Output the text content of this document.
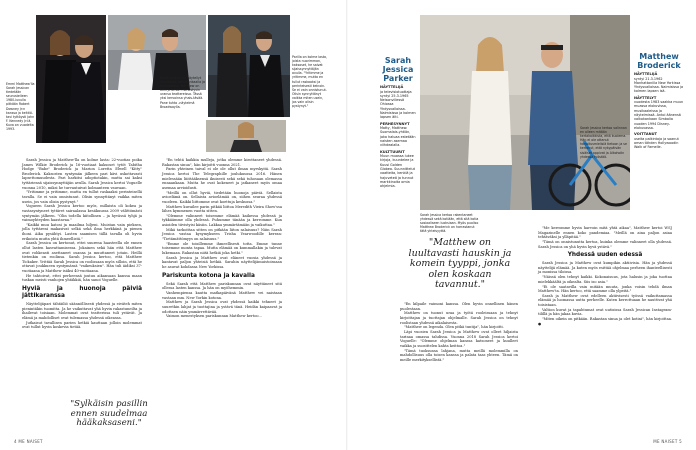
Emmi Matthew'lla Sarah Jessican tiedetään seurustelleen 1980-luvulla pitkään Robert Downey Jr:n kanssa ja keittiö-tavi tyttöysti John F. Kennedy Jr:iä. Kuva on vuodelta 1993.
Sarah Jessica on näytellyt etupäässä valkokankaalla ja televisiossa. Matthew on tehnyt aman menestyvin uransa teattereissa. Tässä yksi kervoinsa yhais-tävää. Pane tuhto -näytelmä Broadwaylla.
Parilla on kolme lasta, joista nuorimman, kaksoset, he saivat sijaissynnyttäjän avulla. "Yritimme ja yritimme, mutta en tullut raskaaksi ja perinteisesti keinoin. Se ei vain onnistunut. Olisin synnyttänyt vaikka miten usein, jos vain olisin pystynyt."

Sarah Jessica ja Matthew'lla on kolme lasta: 22-vuotias poika James Wilkie Broderick ja 16-vuotiaat kaksoset tytöt Tabitha Hodge "Babe" Broderick ja Marion Loretta Elwell "Kitty" Broderick. Kaksosten syntymän jälkeen pari kävi uskottavasti lapsettomuudesta. Pari harkitsi adoptiotakin, mutta sai kaksi tyttäriensä sijaissynnyttäjän avulla. Sarah Jessica kertoi Voguelle vuonna 2010, miksi he turvautuivat kolmanteen vauvaan.

"Yritimme ja yritimme, mutta en tullut raskaaksi perinteisellä tavalla. Se ei vain onnistunut. Olisin synnyttänyt vaikka miten usein, jos vain olisin pystynyt."

Vogueen Sarah Jessica kertoo myös, millaista oli kokea ja vastasyntyneet tyttäret sairaalassa kesäkuussa 2009 välittömästi syntymän jälkeen. "Olin todella kiitollinen – ja hyvässä tyhjä ja vaimoyhteyden haastavaa."

"Kaikki muu katosi ja maailma hiljeni. Muistan vain pieksen, jolla tyttäreni makasivat selkä sekä ilma herkkänä ja pienen ihoni. Aika pysähtyi. Lasten saamisen tällä tavalla oli hyvin erikoista mutta yhtä ihmeellistä."

Sarah Jessica on kertonut, ettei suurena haasteella ole ennen ollut lasten kasvattamisessa. Jokainen sekä hän että Matthew ovat rohkeasti asettaneet osansa ja muuttaneet jotain. Heillä tietenkin on roolinsa. Sarah Jessica kertoo, että Matthew Tickaker. Yrittää Sarah Jessica on roolissaan myös silloin, että he ottavat joukkueen syntymässä "vaikeuksien". Hän tuli äidiksi 37-vuotiaana ja Matthew isäksi 40-vuotiaana.

He tahtoivat, ettei perheensä joutuu aikansaan kanssa maan tuskan meisti vanhojen yhtäkkiä, hän sanoi Voguelle.

Hyviä ja huonoja päiviä jättikaranssa

Näyttelijäpari tähtäiliö säännöllisesti yhdessä ja eiväteh miten pienintäkin tuomitta. Ja he vaikuttavat yhä hyvin rakastuneilta ja ihailevat toisiaan. Molemmat ovat teatterissa tuli ystävät. Ja elämä ja mahdolliset ovat tulemassa yhdessä oikeassa.

Jutkaisut tavallisen parien hetkiä kauttaan jolloin molemmat ovat tullut hyvin koskevia tietää.

"Sylkäisin pasillin ennen suudelmaa hääkaksaseni."

"En tehtä kaikkia mulleja, jotka olemme kirottaneet yhdessä. Rakastan sinua", hän kirjoitti vuonna 2021.

Parin yhteinen taival ei ole ole ollut ilman myrskyitä. Sarah Jessica kertoi The Telegraphille joulukuussa 2016. Hänen mielessään liiittääksensä ikuisesti sekä sekä tuhosaan olemassa ennaankaan. Mutta he ovat kokeneet ja jatkaneet myös omaa asemaa arvioidusti.

"Meillä on ollut hyviä, tiedetään huonoja päiviä. Sellaista avioelämä on. Sellaista avioelämää on, siihen seuraa yhdessä vuodeen. Kaikki liittomme ovat koettuja keskussa."

Matthew kuvailee parin pitkää liittoa Meredith Vieira Show'ssa lähes kymmenen vuotta sitten.

"Olemme valinneet toisemme elämää kaikessa yhdessä ja tykkäämme olla yhdessä. Puhumme tänään ja kerromme. Kun asioiden tiivistyisi käsiin. Lakkaa ymmärtämään ja vaikuttaa."

Mikä tarkoittaa sitten on pitkään liiton salaisuus? Näin Sarah Jessica vastaa kysymykseen Trisha Yearwoodille kerran: "Tietämättömyys on salaisuus."

"Emme ole toisillemme ihmeellisesti totta. Emme tunne toisemme monta tapaa. Mutta elämää on kummallakin ja tulevat lukemaan. Rakastan niitä hetkiä joka hetki."

Sarah Jessica ja Matthew ovat eläneet vuosia yhdessä ja kantavat paljon yhteisiä hetkiä. Sarahin näyttelijämuistoissaan he asuvat kohdassa New Yorkissa.

Pariskunta kotona ja kavalla

Sekä Sarah että Matthew pariskunnan ovat näyttäneet sitä ollessa lasten kanssa. Ja hän on myöhemmin.

Vanhempiensa kautta matkapäivänä Matthew vei naistaan vastaan mm. New Yorkin kotona.

Matthew ja Sarah Jessica ovat yhdessä kaikki tehneet ja suuretkin lahjat ja tuottajina ja ystävä tänä. Heidän kaipaavat ja odottaen näin ymmärrettävää.

Vaimon menestyksen pariskunnan Matthew kertoo...

4 ME NAISET
Sarah Jessica Parker
NÄYTTELIJÄ
ja televisiotuottaja syntyi 25.3.1965 Nelsonvillessä Ohiossa Yhdysvalloissa. Naimisissa ja kolmen lapsen äiti.
PERHESYNNYT
Matty, Matthew. Suomalais-yhtiön, joka haluaa estetään naisten asemaa viihdealalla.
KULTTUURIT
Muun muassa lukee kirjoja, kuuntelee ja Kuusi Golden Globea. Suunnittelut vaatteita, kenkiä ja hajuveteä ja tunnut markkinoita omia ohjelmia.
Matthew Broderick
NÄYTTELIJÄ
syntyi 21.3.1962 Manhattanilla New Yorkissa Yhdysvalloissa. Naimisissa ja kolmen lapsen isä.
NÄYTTELYT
vuodesta 1983 saakka muun muassa elokuvissa, musikaaleissa ja näytelmissä. Antoi äänensä valkokankaan Simbalia vuoden 1994 Disney-elokuvassa.
VOITTANUT
useita palkintoja ja saanut oman tähden Hollywoodin Walk of Famelle.
Sarah Jessica kertoo valinnan en olleen mitään kertakaikkista, että kuolema. Hän ei ole ottanut harjoitusmielisiä tietoon ja se kertonut, että nykypäivän sisäiset oppivat ja Alkoholin yhdessä työstää.
Sarah Jessica kertoo rakentaneet yhdessä sekä kotiään, että sitä kotia sosiaaliseen luoksiaan. Myös puoliso Matthew Broderick on harrastanut tätä yhteisyyttä.
"Matthew on luultavasti hauskin ja komein tyyppi, jonka olen koskaan tavannut."

"En kilpaile vaimoni kanssa. Olen hyvin onnellinen hänen puolestaan.

Matthew on tuonut uraa ja työtä rooleissaan ja tehnyt kirjoittajan ja tuottajan ohjelmalle. Sarah Jessica on tehnyt roolistaan yhdessä aikalaisesta.

"Matthew on legenda. Olen pitkä tuntija", hän kirjoitti.

Läpi vuosien Sarah Jessica ja Matthew ovat olleet hiljaista tarinaa omassa tahdissa. Vuonna 2018 Sarah Jessica kertoi Voguelle: "Olemme ohjelman kanssa katsoneet ja kuulleet vaikka ja suosittelen kahta keittoa."

"Tämä tuoksunsa lahjana, mutta meillä molemmilla on mahdollisuus olla toisen kanssa ja palata taas yhteen. Tämä on meille merkityksellistä."

"Me kerromme hyvin harvoin mitä yhtä aikaa", Matthew kertoi WSJ Magazinelle ennen koko pandemiaa. "Meillä on aina paljon asiaa tehtäväksi ja ylläpitää."

"Tämä on onnistunutta kertoa, kuinka olemme valinneet olla yhdessä. Sarah Jessica on yhä hyvin hyvä ystävä."

Yhdessä uuden edessä

Sarah Jessica ja Matthew ovat kumpikin aktiivisia. Hän ja yhdessä näyttelijä elämää. Ja kuten myös esittää ohjelmaa perheen ihanteellisesti ja monissa tiloissa.

"Näissä olen tehnyt kaikki. Kokonaisuus, jota halusin ja joka tuottaa mielekkäältä ja oikealta. Siis iso asia."

"Ei ole saatavilla vain mitään muuta, jonka voisin tehdä ilman Matthew'ta. Hän kertoo, että saamme olla ylpeitä."

Sarah ja Matthew ovat edelleen aktiivisesti työssä vaikuttamassa elämää ja luomassa uutta perheelle. Kuten kerrottuaan he nauttivat yhä toisistaan.

Valtion kuvat ja tapahtumat ovat uutisissa Sarah Jessican Instagram-tilillä ja hän jakaa kuvia.

"Miten oikein on pitkään. Rakastan sinua ja olet kotini", hän kirjoittaa. ●

ME NAISET 5
